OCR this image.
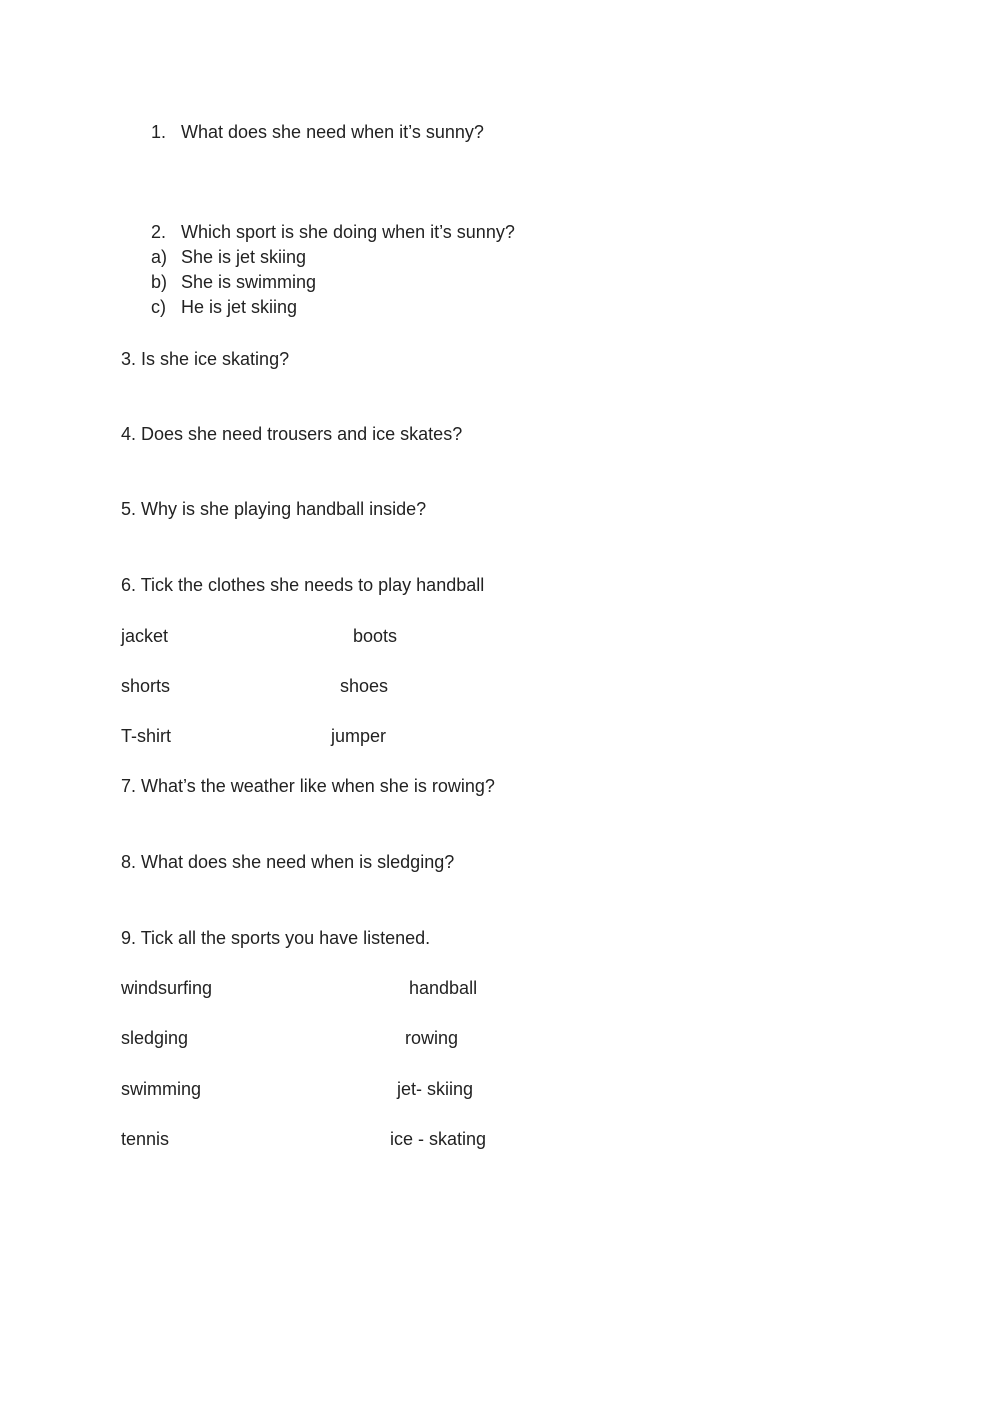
1. What does she need when it’s sunny?
2. Which sport is she doing when it’s sunny?
a) She is jet skiing
b) She is swimming
c) He is jet skiing
3. Is she ice skating?
4. Does she need trousers and ice skates?
5. Why is she playing handball inside?
6. Tick the clothes she needs to play handball
jacket	boots
shorts	shoes
T-shirt	jumper
7. What’s the weather like when she is rowing?
8. What does she need when is sledging?
9. Tick all the sports you have listened.
windsurfing	handball
sledging	rowing
swimming	jet- skiing
tennis	ice - skating
